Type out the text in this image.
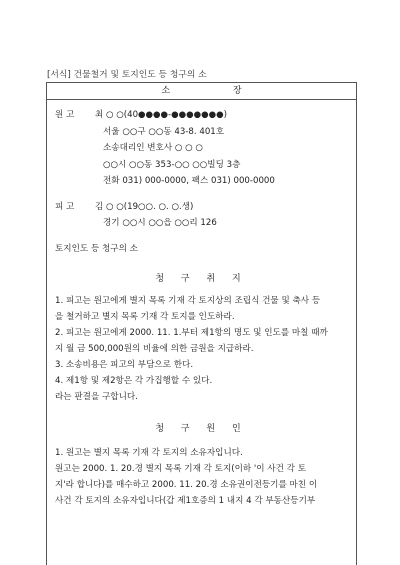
[서식] 건물철거 및 토지인도 등 청구의 소
소 장
원 고 최 ○ ○(40●●●●-●●●●●●●)
서울 ○○구 ○○동 43-8. 401호
소송대리인 변호사 ○ ○ ○
○○시 ○○동 353-○○ ○○빌딩 3층
전화 031) 000-0000, 팩스 031) 000-0000
피 고 김 ○ ○(19○○. ○. ○.생)
경기 ○○시 ○○읍 ○○리 126
토지인도 등 청구의 소
청 구 취 지
1. 피고는 원고에게 별지 목록 기재 각 토지상의 조립식 건물 및 축사 등
을 철거하고 별지 목록 기재 각 토지를 인도하라.
2. 피고는 원고에게 2000. 11. 1.부터 제1항의 명도 및 인도를 마칠 때까
지 월 금 500,000원의 비율에 의한 금원을 지급하라.
3. 소송비용은 피고의 부담으로 한다.
4. 제1항 및 제2항은 각 가집행할 수 있다.
라는 판결을 구합니다.
청 구 원 인
1. 원고는 별지 목록 기재 각 토지의 소유자입니다.
원고는 2000. 1. 20.경 별지 목록 기재 각 토지(이하 '이 사건 각 토
지'라 합니다)를 매수하고 2000. 11. 20.경 소유권이전등기를 마친 이
사건 각 토지의 소유자입니다(갑 제1호증의 1 내지 4 각 부동산등기부
